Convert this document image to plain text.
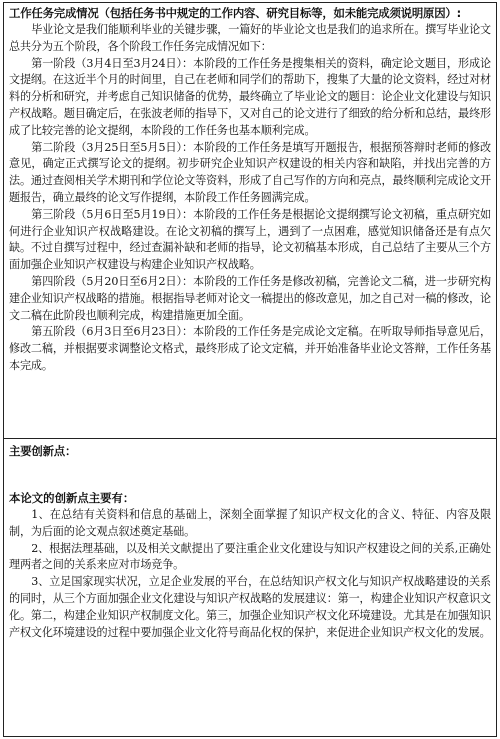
工作任务完成情况（包括任务书中规定的工作内容、研究目标等，如未能完成须说明原因）:

毕业论文是我们能顺利毕业的关键步骤，一篇好的毕业论文也是我们的追求所在。撰写毕业论文总共分为五个阶段，各个阶段工作任务完成情况如下：

第一阶段（3月4日至3月24日）：本阶段的工作任务是搜集相关的资料，确定论文题目，形成论文提纲。在这近半个月的时间里，自己在老师和同学们的帮助下，搜集了大量的论文资料，经过对材料的分析和研究，并考虑自己知识储备的优势，最终确立了毕业论文的题目：论企业文化建设与知识产权战略。题目确定后，在张波老师的指导下，又对自己的论文进行了细致的给分析和总结，最终形成了比较完善的论文提纲，本阶段的工作任务也基本顺利完成。

第二阶段（3月25日至5月5日）：本阶段的工作任务是填写开题报告，根据预答辩时老师的修改意见，确定正式撰写论文的提纲。初步研究企业知识产权建设的相关内容和缺陷，并找出完善的方法。通过查阅相关学术期刊和学位论文等资料，形成了自己写作的方向和亮点，最终顺利完成论文开题报告，确立最终的论文写作提纲，本阶段工作任务圆满完成。

第三阶段（5月6日至5月19日）：本阶段的工作任务是根据论文提纲撰写论文初稿，重点研究如何进行企业知识产权战略建设。在论文初稿的撰写上，遇到了一点困难，感觉知识储备还是有点欠缺。不过自撰写过程中，经过查漏补缺和老师的指导，论文初稿基本形成，自己总结了主要从三个方面加强企业知识产权建设与构建企业知识产权战略。

第四阶段（5月20日至6月2日）：本阶段的工作任务是修改初稿，完善论文二稿，进一步研究构建企业知识产权战略的措施。根据指导老师对论文一稿提出的修改意见，加之自己对一稿的修改，论文二稿在此阶段也顺利完成，构建措施更加全面。

第五阶段（6月3日至6月23日）：本阶段的工作任务是完成论文定稿。在听取导师指导意见后，修改二稿，并根据要求调整论文格式，最终形成了论文定稿，并开始准备毕业论文答辩，工作任务基本完成。

主要创新点：
本论文的创新点主要有：

1、在总结有关资料和信息的基础上，深刻全面掌握了知识产权文化的含义、特征、内容及限制，为后面的论文观点叙述奠定基础。

2、根据法理基础，以及相关文献提出了要注重企业文化建设与知识产权建设之间的关系,正确处理两者之间的关系来应对市场竞争。

3、立足国家现实状况，立足企业发展的平台，在总结知识产权文化与知识产权战略建设的关系的同时，从三个方面加强企业文化建设与知识产权战略的发展建议：第一，构建企业知识产权意识文化。第二，构建企业知识产权制度文化。第三，加强企业知识产权文化环境建设。尤其是在加强知识产权文化环境建设的过程中要加强企业文化符号商品化权的保护，来促进企业知识产权文化的发展。
